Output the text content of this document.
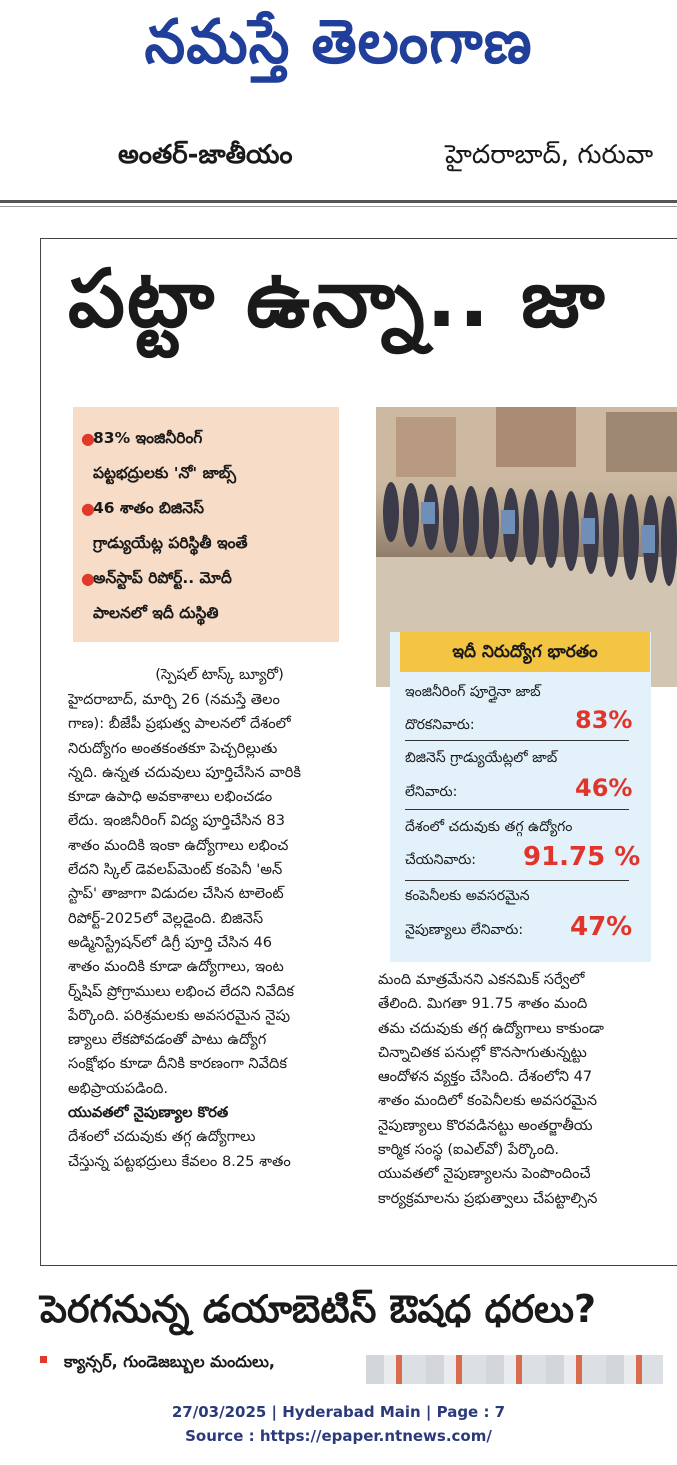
నమస్తే తెలంగాణ
అంతర్-జాతీయం	హైదరాబాద్, గురువా
పట్టా ఉన్నా.. జా

●
83% ఇంజినీరింగ్

పట్టభద్రులకు 'నో' జాబ్స్

●
46 శాతం బిజినెస్

గ్రాడ్యుయేట్ల పరిస్థితీ ఇంతే

●
అన్‌స్టాప్ రిపోర్ట్.. మోదీ

పాలనలో ఇదీ దుస్థితి

ఇదీ నిరుద్యోగ భారతం
ఇంజినీరింగ్ పూర్తైనా జాబ్
దొరకనివారు:	83%
బిజినెస్ గ్రాడ్యుయేట్లలో జాబ్
లేనివారు:	46%
దేశంలో చదువుకు తగ్గ ఉద్యోగం
చేయనివారు: 91.75 %
కంపెనీలకు అవసరమైన
నైపుణ్యాలు లేనివారు: 47%

(స్పెషల్ టాస్క్ బ్యూరో)

హైదరాబాద్, మార్చి 26 (నమస్తే తెలం

గాణ): బీజేపీ ప్రభుత్వ పాలనలో దేశంలో

నిరుద్యోగం అంతకంతకూ పెచ్చరిల్లుతు

న్నది. ఉన్నత చదువులు పూర్తిచేసిన వారికి

కూడా ఉపాధి అవకాశాలు లభించడం

లేదు. ఇంజినీరింగ్ విద్య పూర్తిచేసిన 83

శాతం మందికి ఇంకా ఉద్యోగాలు లభించ

లేదని స్కిల్ డెవలప్‌మెంట్ కంపెనీ 'అన్

స్టాప్' తాజాగా విడుదల చేసిన టాలెంట్

రిపోర్ట్-2025లో వెల్లడైంది. బిజినెస్

అడ్మినిస్ట్రేషన్‌లో డిగ్రీ పూర్తి చేసిన 46

శాతం మందికి కూడా ఉద్యోగాలు, ఇంట

ర్న్‌షిప్ ప్రోగ్రాములు లభించ లేదని నివేదిక

పేర్కొంది. పరిశ్రమలకు అవసరమైన నైపు

ణ్యాలు లేకపోవడంతో పాటు ఉద్యోగ

సంక్షోభం కూడా దీనికి కారణంగా నివేదిక

అభిప్రాయపడింది.

యువతలో నైపుణ్యాల కొరత

దేశంలో చదువుకు తగ్గ ఉద్యోగాలు

చేస్తున్న పట్టభద్రులు కేవలం 8.25 శాతం

మంది మాత్రమేనని ఎకనమిక్ సర్వేలో

తేలింది. మిగతా 91.75 శాతం మంది

తమ చదువుకు తగ్గ ఉద్యోగాలు కాకుండా

చిన్నాచితక పనుల్లో కొనసాగుతున్నట్టు

ఆందోళన వ్యక్తం చేసింది. దేశంలోని 47

శాతం మందిలో కంపెనీలకు అవసరమైన

నైపుణ్యాలు కొరవడినట్టు అంతర్జాతీయ

కార్మిక సంస్థ (ఐఎల్‌వో) పేర్కొంది.

యువతలో నైపుణ్యాలను పెంపొందించే

కార్యక్రమాలను ప్రభుత్వాలు చేపట్టాల్సిన

పెరగనున్న డయాబెటిస్ ఔషధ ధరలు?
క్యాన్సర్, గుండెజబ్బుల మందులు,
27/03/2025 | Hyderabad Main | Page : 7
Source : https://epaper.ntnews.com/
